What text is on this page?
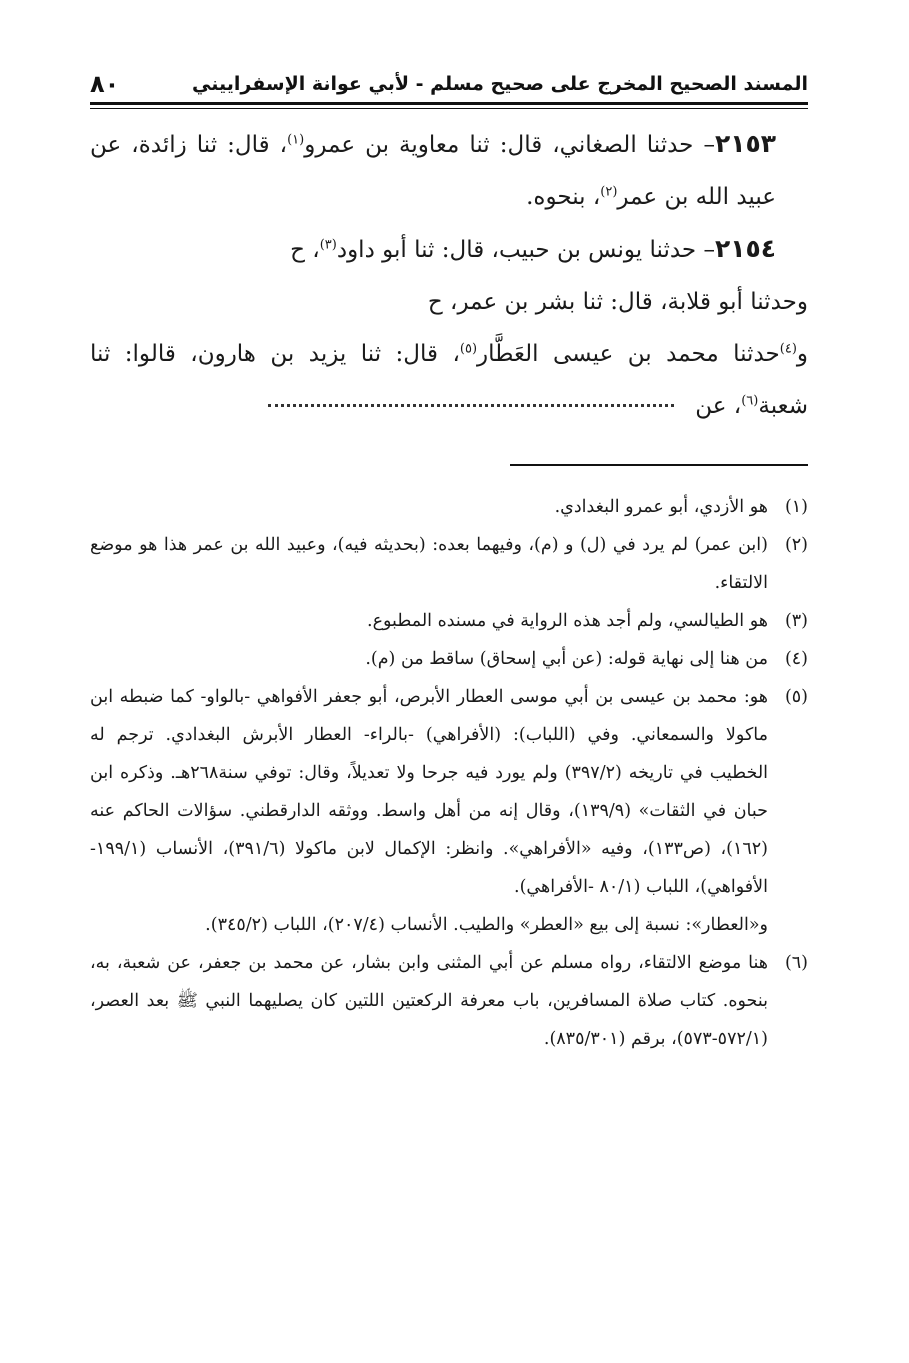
المسند الصحيح المخرج على صحيح مسلم - لأبي عوانة الإسفراييني
٨٠

٢١٥٣– حدثنا الصغاني، قال: ثنا معاوية بن عمرو$^{(١)}$، قال: ثنا زائدة، عن عبيد الله بن عمر$^{(٢)}$، بنحوه.

٢١٥٤– حدثنا يونس بن حبيب، قال: ثنا أبو داود$^{(٣)}$، ح

وحدثنا أبو قلابة، قال: ثنا بشر بن عمر، ح

و$^{(٤)}$حدثنا محمد بن عيسى العَطَّار$^{(٥)}$، قال: ثنا يزيد بن هارون، قالوا: ثنا شعبة$^{(٦)}$، عن

(١)
هو الأزدي، أبو عمرو البغدادي.
(٢)
(ابن عمر) لم يرد في (ل) و (م)، وفيهما بعده: (بحديثه فيه)، وعبيد الله بن عمر هذا هو موضع الالتقاء.
(٣)
هو الطيالسي، ولم أجد هذه الرواية في مسنده المطبوع.
(٤)
من هنا إلى نهاية قوله: (عن أبي إسحاق) ساقط من (م).
(٥)
هو: محمد بن عيسى بن أبي موسى العطار الأبرص، أبو جعفر الأفواهي -بالواو- كما ضبطه ابن ماكولا والسمعاني. وفي (اللباب): (الأفراهي) -بالراء- العطار الأبرش البغدادي. ترجم له الخطيب في تاريخه (٣٩٧/٢) ولم يورد فيه جرحا ولا تعديلاً، وقال: توفي سنة٢٦٨هـ. وذكره ابن حبان في الثقات» (١٣٩/٩)، وقال إنه من أهل واسط. ووثقه الدارقطني. سؤالات الحاكم عنه (١٦٢)، (ص١٣٣)، وفيه «الأفراهي». وانظر: الإكمال لابن ماكولا (٣٩١/٦)، الأنساب (١٩٩/١-الأفواهي)، اللباب (٨٠/١ -الأفراهي).

و«العطار»: نسبة إلى بيع «العطر» والطيب. الأنساب (٢٠٧/٤)، اللباب (٣٤٥/٢).

(٦)
هنا موضع الالتقاء، رواه مسلم عن أبي المثنى وابن بشار، عن محمد بن جعفر، عن شعبة، به، بنحوه. كتاب صلاة المسافرين، باب معرفة الركعتين اللتين كان يصليهما النبي ﷺ بعد العصر، (٥٧٢/١-٥٧٣)، برقم (٨٣٥/٣٠١).
